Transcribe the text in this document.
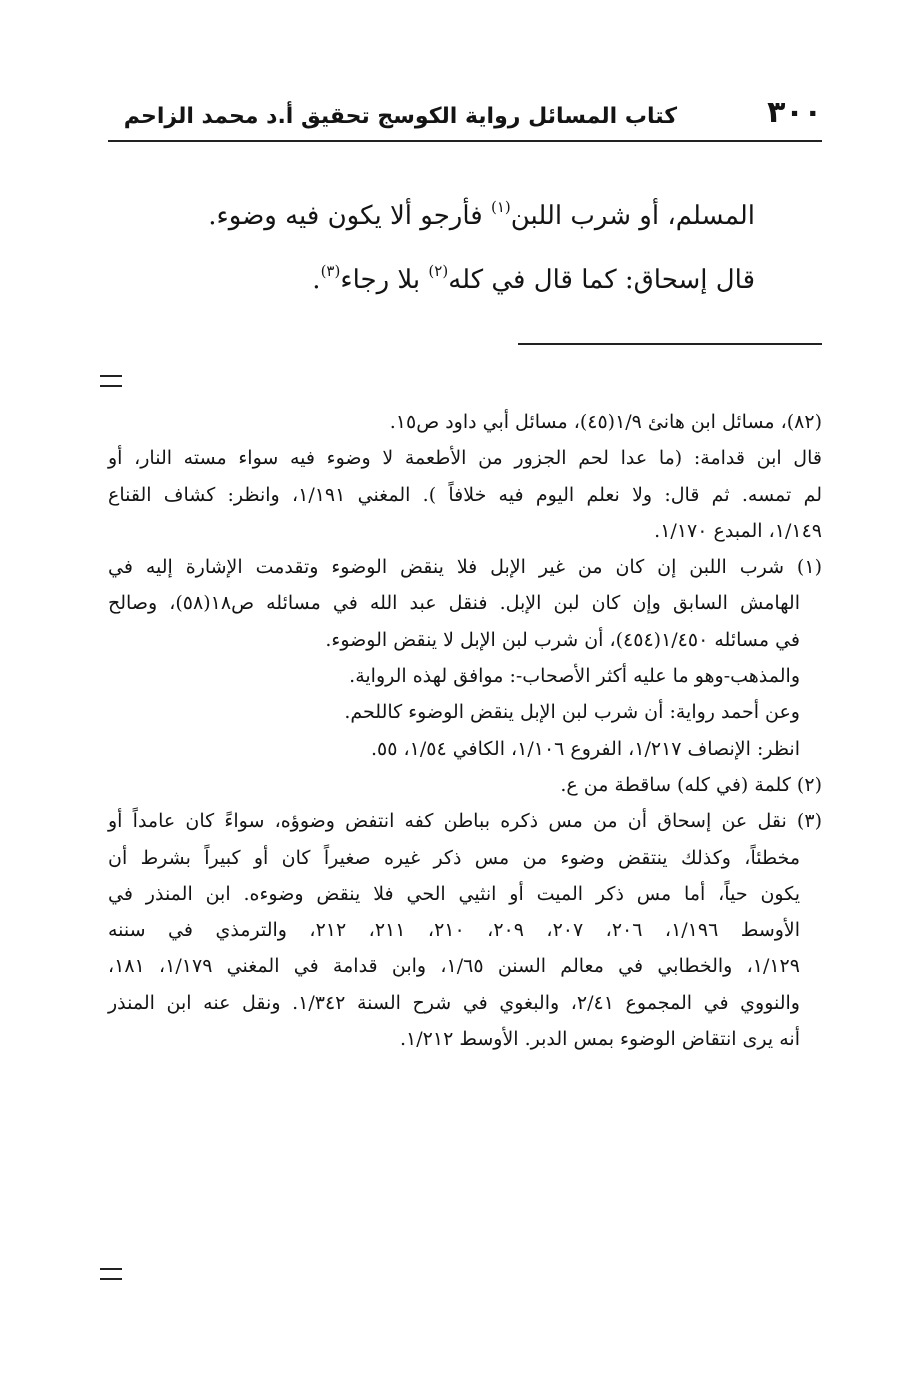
٣٠٠
كتاب المسائل رواية الكوسج تحقيق أ.د محمد الزاحم
المسلم، أو شرب اللبن$^{(١)}$ فأرجو ألا يكون فيه وضوء.
قال إسحاق: كما قال في كله$^{(٢)}$ بلا رجاء$^{(٣)}$.
(٨٢)، مسائل ابن هانئ ١/٩(٤٥)، مسائل أبي داود ص١٥.
قال ابن قدامة: (ما عدا لحم الجزور من الأطعمة لا وضوء فيه سواء مسته النار، أو
لم تمسه. ثم قال: ولا نعلم اليوم فيه خلافاً ). المغني ١/١٩١، وانظر: كشاف القناع
١/١٤٩، المبدع ١/١٧٠.
(١) شرب اللبن إن كان من غير الإبل فلا ينقض الوضوء وتقدمت الإشارة إليه في
الهامش السابق وإن كان لبن الإبل. فنقل عبد الله في مسائله ص١٨(٥٨)، وصالح
في مسائله ١/٤٥٠(٤٥٤)، أن شرب لبن الإبل لا ينقض الوضوء.
والمذهب-وهو ما عليه أكثر الأصحاب-: موافق لهذه الرواية.
وعن أحمد رواية: أن شرب لبن الإبل ينقض الوضوء كاللحم.
انظر: الإنصاف ١/٢١٧، الفروع ١/١٠٦، الكافي ١/٥٤، ٥٥.
(٢) كلمة (في كله) ساقطة من ع.
(٣) نقل عن إسحاق أن من مس ذكره بباطن كفه انتفض وضوؤه، سواءً كان عامداً أو
مخطئاً، وكذلك ينتقض وضوء من مس ذكر غيره صغيراً كان أو كبيراً بشرط أن
يكون حياً، أما مس ذكر الميت أو انثيي الحي فلا ينقض وضوءه. ابن المنذر في
الأوسط ١/١٩٦، ٢٠٦، ٢٠٧، ٢٠٩، ٢١٠، ٢١١، ٢١٢، والترمذي في سننه
١/١٢٩، والخطابي في معالم السنن ١/٦٥، وابن قدامة في المغني ١/١٧٩، ١٨١،
والنووي في المجموع ٢/٤١، والبغوي في شرح السنة ١/٣٤٢. ونقل عنه ابن المنذر
أنه يرى انتقاض الوضوء بمس الدبر. الأوسط ١/٢١٢.
